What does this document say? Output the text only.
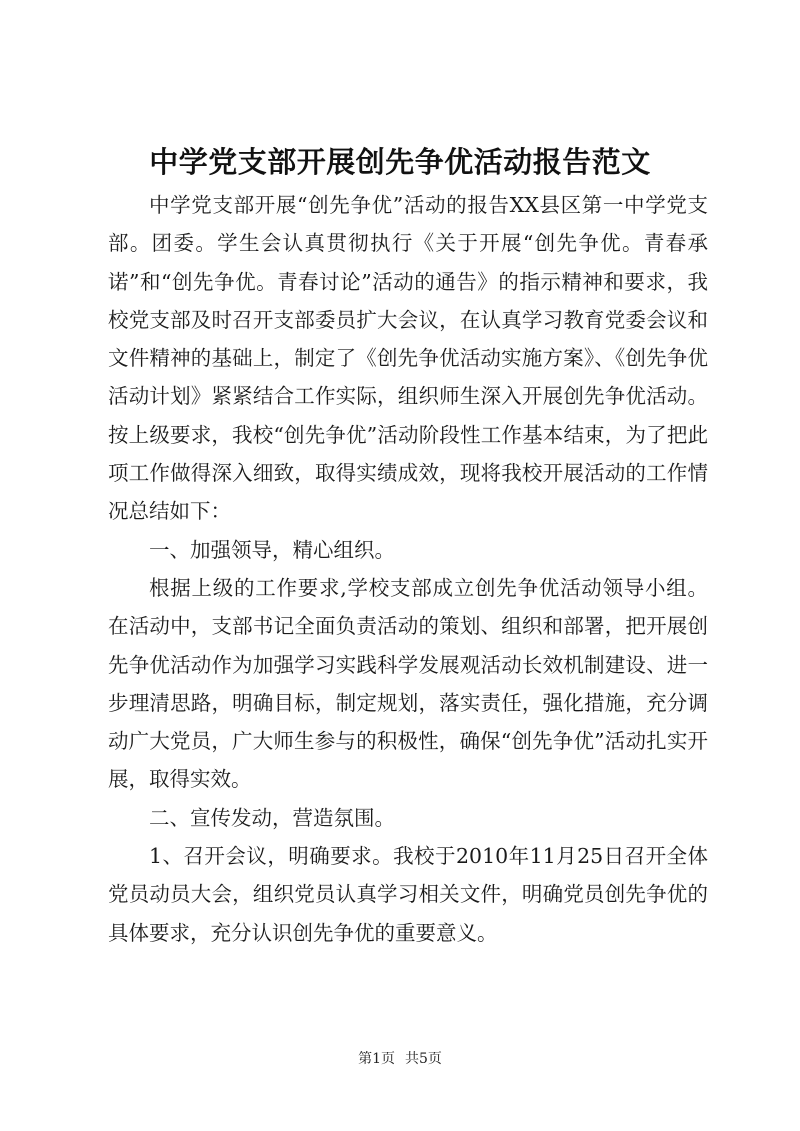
中学党支部开展创先争优活动报告范文

中学党支部开展“创先争优”活动的报告XX县区第一中学党支部。团委。学生会认真贯彻执行《关于开展“创先争优。青春承诺”和“创先争优。青春讨论”活动的通告》的指示精神和要求，我校党支部及时召开支部委员扩大会议，在认真学习教育党委会议和文件精神的基础上，制定了《创先争优活动实施方案》、《创先争优活动计划》紧紧结合工作实际，组织师生深入开展创先争优活动。按上级要求，我校“创先争优”活动阶段性工作基本结束，为了把此项工作做得深入细致，取得实绩成效，现将我校开展活动的工作情况总结如下：

一、加强领导，精心组织。

根据上级的工作要求,学校支部成立创先争优活动领导小组。在活动中，支部书记全面负责活动的策划、组织和部署，把开展创先争优活动作为加强学习实践科学发展观活动长效机制建设、进一步理清思路，明确目标，制定规划，落实责任，强化措施，充分调动广大党员，广大师生参与的积极性，确保“创先争优”活动扎实开展，取得实效。

二、宣传发动，营造氛围。

1、召开会议，明确要求。我校于2010年11月25日召开全体党员动员大会，组织党员认真学习相关文件，明确党员创先争优的具体要求，充分认识创先争优的重要意义。

第1页 共5页
